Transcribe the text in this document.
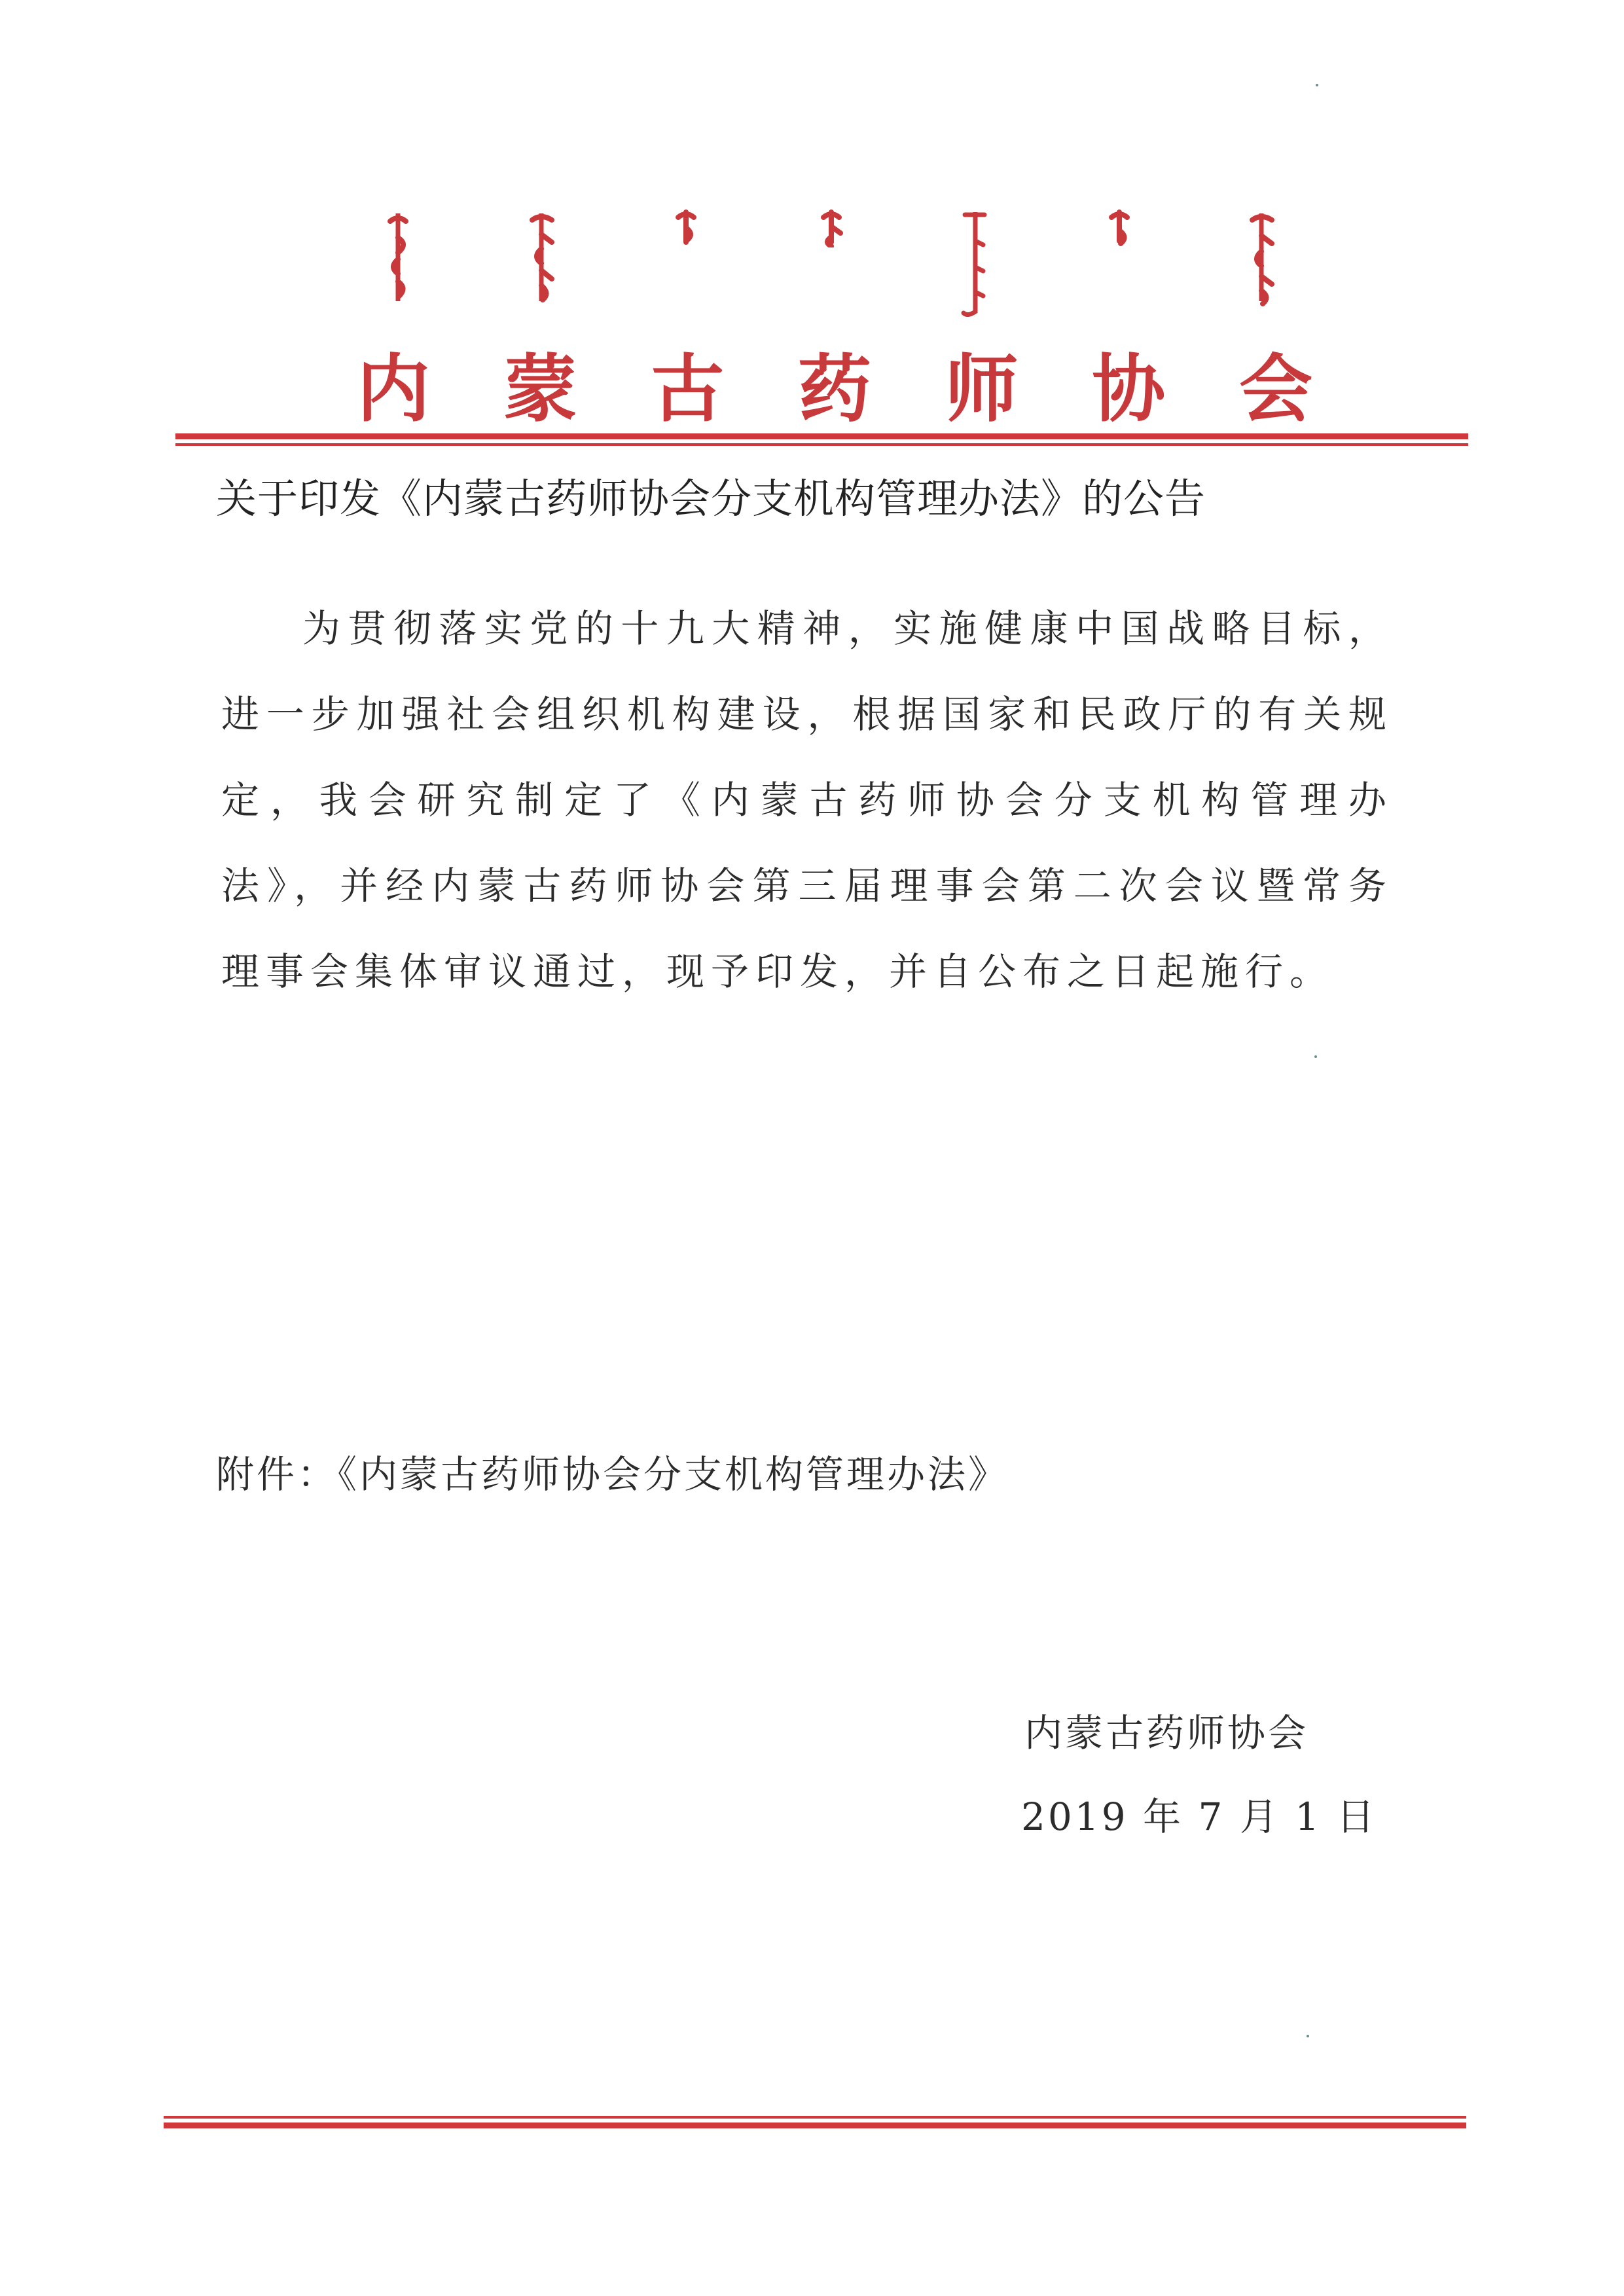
内 蒙 古 药 师 协 会
关于印发《内蒙古药师协会分支机构管理办法》的公告
为贯彻落实党的十九大精神，实施健康中国战略目标，进一步加强社会组织机构建设，根据国家和民政厅的有关规定，我会研究制定了《内蒙古药师协会分支机构管理办法》，并经内蒙古药师协会第三届理事会第二次会议暨常务理事会集体审议通过，现予印发，并自公布之日起施行。
附件：《内蒙古药师协会分支机构管理办法》
内蒙古药师协会
2019 年 7 月 1 日
